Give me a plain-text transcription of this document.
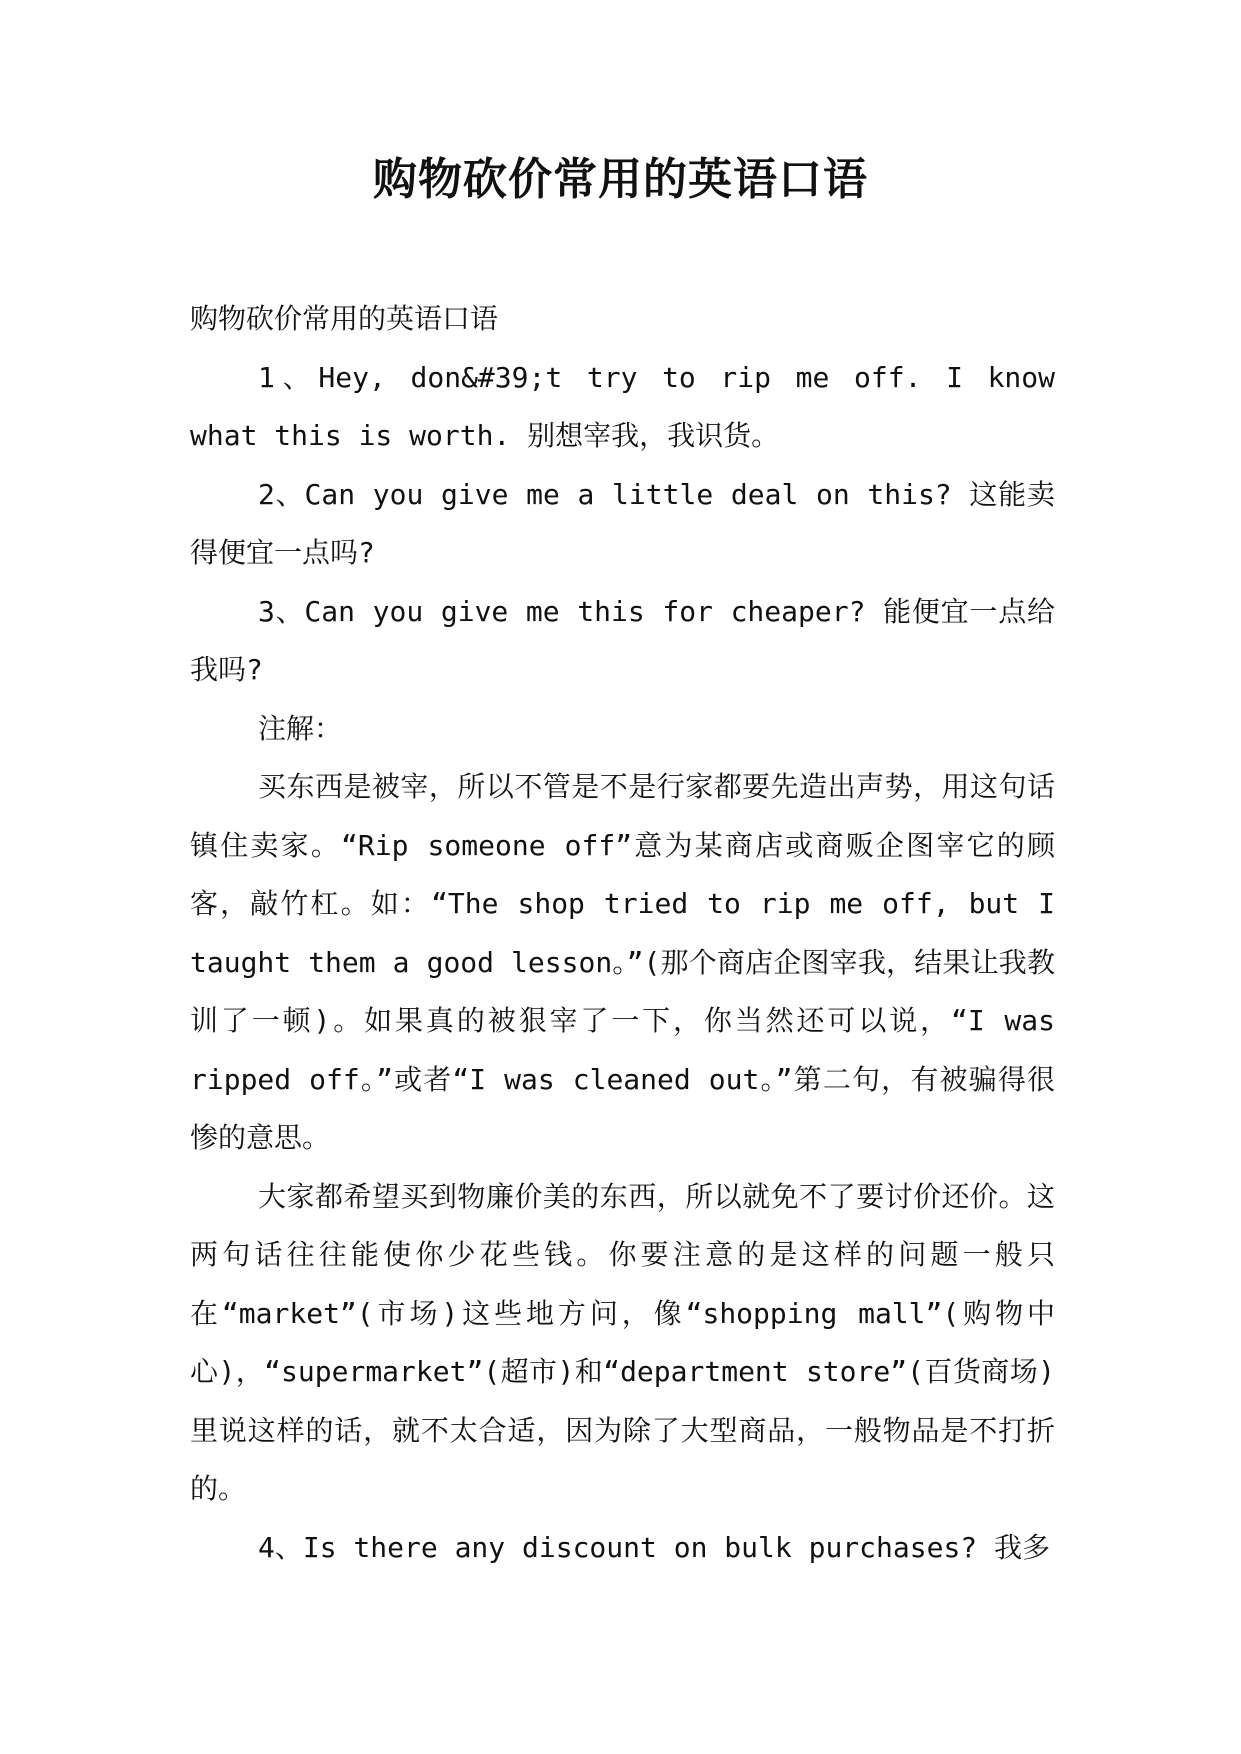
购物砍价常用的英语口语

购物砍价常用的英语口语

1、Hey, don&#39;t try to rip me off. I know what this is worth. 别想宰我，我识货。

2、Can you give me a little deal on this? 这能卖得便宜一点吗?

3、Can you give me this for cheaper? 能便宜一点给我吗?

注解：

买东西是被宰，所以不管是不是行家都要先造出声势，用这句话镇住卖家。“Rip someone off”意为某商店或商贩企图宰它的顾客，敲竹杠。如：“The shop tried to rip me off, but I taught them a good lesson。”(那个商店企图宰我，结果让我教训了一顿)。如果真的被狠宰了一下，你当然还可以说，“I was ripped off。”或者“I was cleaned out。”第二句，有被骗得很惨的意思。

大家都希望买到物廉价美的东西，所以就免不了要讨价还价。这两句话往往能使你少花些钱。你要注意的是这样的问题一般只在“market”(市场)这些地方问，像“shopping mall”(购物中心)，“supermarket”(超市)和“department store”(百货商场)里说这样的话，就不太合适，因为除了大型商品，一般物品是不打折的。

4、Is there any discount on bulk purchases? 我多
